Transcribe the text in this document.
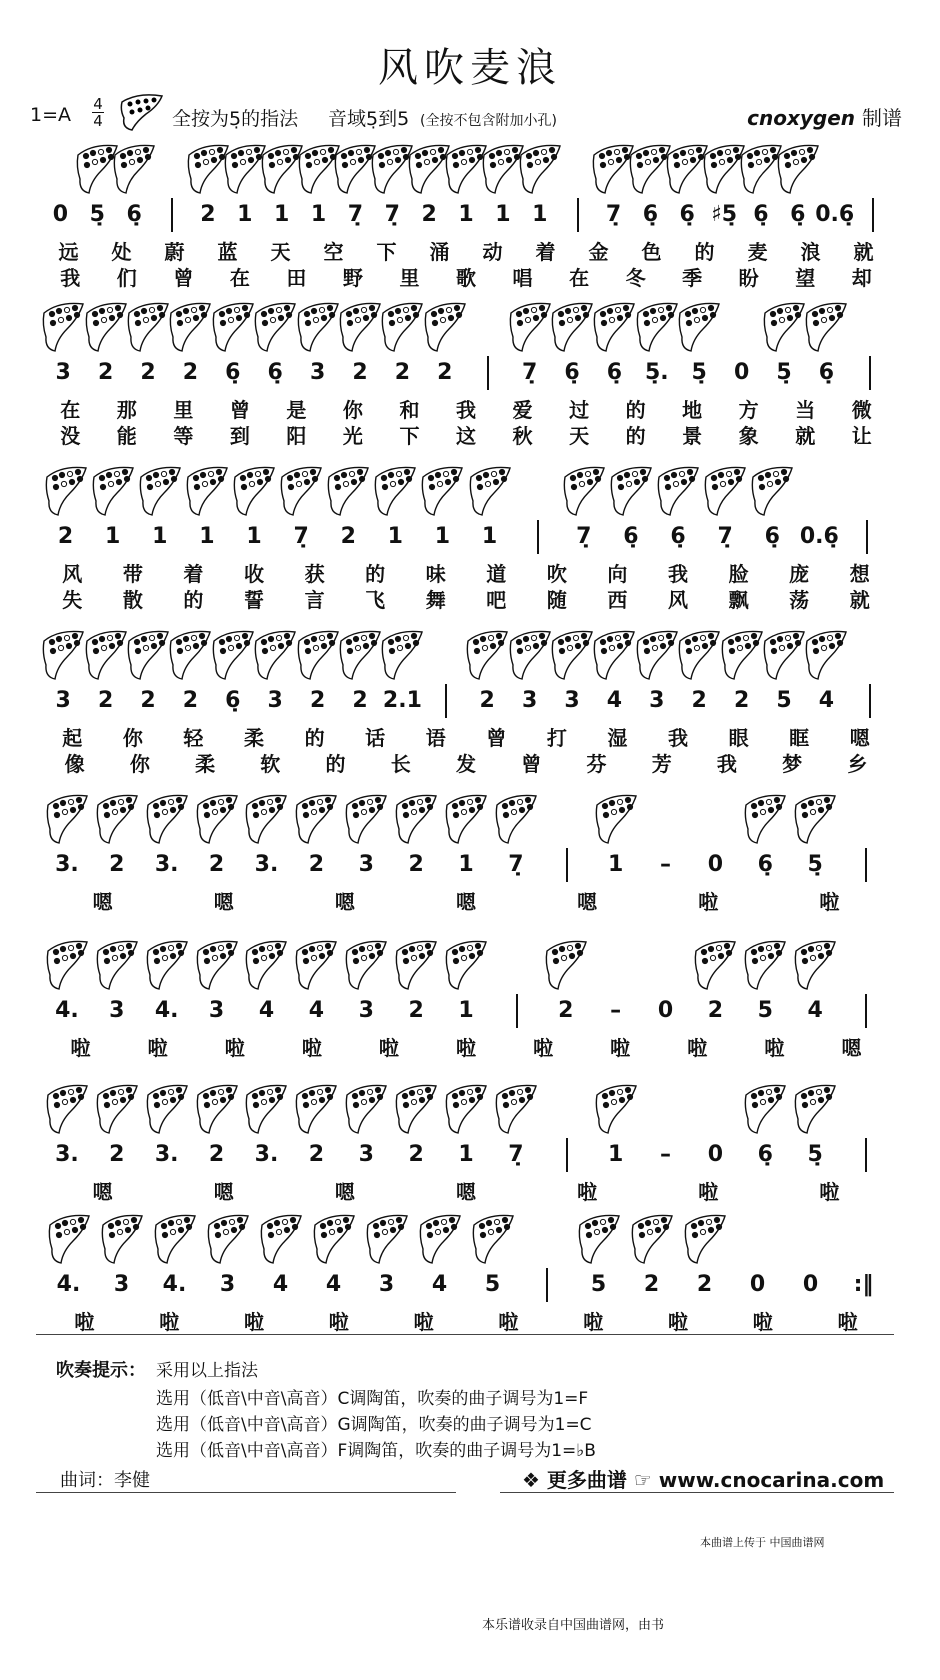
风吹麦浪
1=A 4
4	全按为5̣的指法 音域5̣到5 (全按不包含附加小孔)	cnoxygen 制谱
0 5̣ 6̣	2 1 1 1 7̣ 7̣ 2 1 1 1	7̣ 6̣ 6̣ ♯5̣ 6̣ 6̣ 0.6̣
远 处 蔚 蓝 天 空 下 涌 动 着 金 色 的 麦 浪 就
我 们 曾 在 田 野 里 歌 唱 在 冬 季 盼 望 却
3 2 2 2 6̣ 6̣ 3 2 2 2	7̣ 6̣ 6̣ 5̣. 5̣ 0 5̣ 6̣
在 那 里 曾 是 你 和 我 爱 过 的 地 方 当 微
没 能 等 到 阳 光 下 这 秋 天 的 景 象 就 让
2 1 1 1 1 7̣ 2 1 1 1	7̣ 6̣ 6̣ 7̣ 6̣ 0.6̣
风 带 着 收 获 的 味 道 吹 向 我 脸 庞 想
失 散 的 誓 言 飞 舞 吧 随 西 风 飘 荡 就
3 2 2 2 6̣ 3 2 2 2.1	2 3 3 4 3 2 2 5 4
起 你 轻 柔 的 话 语 曾 打 湿 我 眼 眶 嗯
像 你 柔 软 的 长 发 曾 芬 芳 我 梦 乡
3. 2 3. 2 3. 2 3 2 1 7̣	1 – 0 6̣ 5̣
嗯	嗯	嗯	嗯	嗯	啦	啦
4. 3 4. 3 4 4 3 2 1	2 – 0 2 5 4
啦	啦	啦	啦	啦	啦	啦	啦	啦	啦	嗯
3. 2 3. 2 3. 2 3 2 1 7̣	1 – 0 6̣ 5̣
嗯	嗯	嗯	嗯	啦	啦	啦
4. 3 4. 3 4 4 3 4 5	5 2 2 0 0 :‖
啦	啦	啦	啦	啦	啦	啦	啦	啦	啦
吹奏提示： 采用以上指法
选用（低音\中音\高音）C调陶笛，吹奏的曲子调号为1=F
选用（低音\中音\高音）G调陶笛，吹奏的曲子调号为1=C
选用（低音\中音\高音）F调陶笛，吹奏的曲子调号为1=♭B
曲词：李健	❖ 更多曲谱 ☞ www.cnocarina.com
本曲谱上传于 中国曲谱网
本乐谱收录自中国曲谱网，由书
